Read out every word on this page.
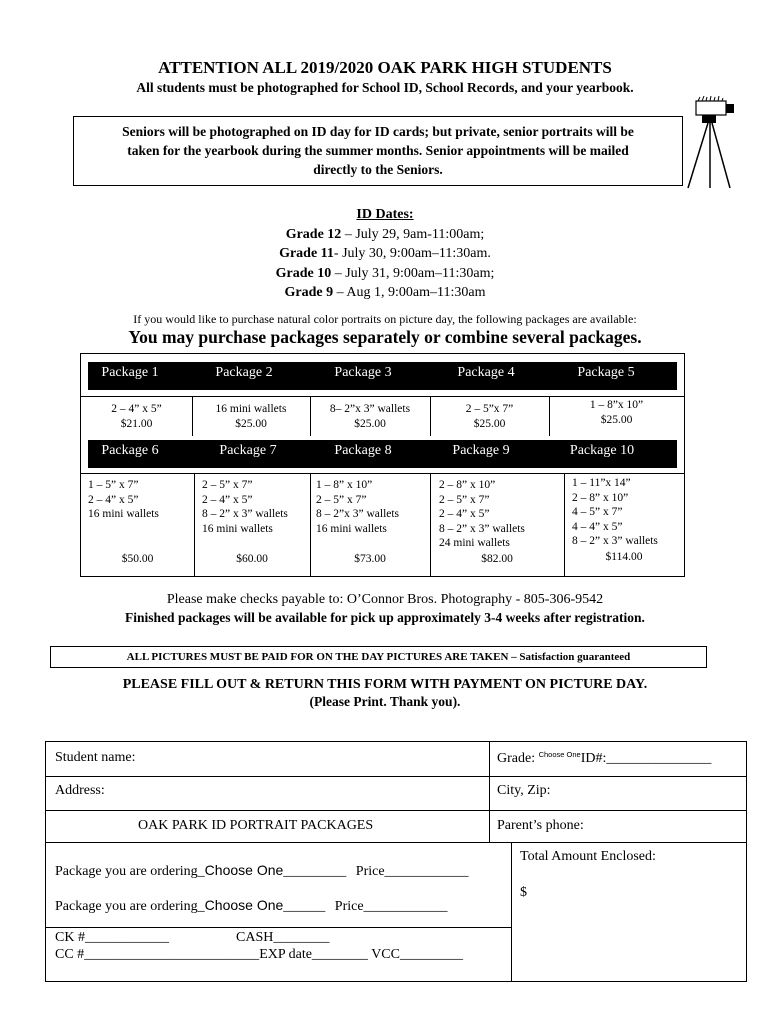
ATTENTION ALL 2019/2020 OAK PARK HIGH STUDENTS
All students must be photographed for School ID, School Records, and your yearbook.
Seniors will be photographed on ID day for ID cards; but private, senior portraits will be
taken for the yearbook during the summer months. Senior appointments will be mailed
directly to the Seniors.
ID Dates:
Grade 12 – July 29, 9am-11:00am;
Grade 11- July 30, 9:00am–11:30am.
Grade 10 – July 31, 9:00am–11:30am;
Grade 9 – Aug 1, 9:00am–11:30am
If you would like to purchase natural color portraits on picture day, the following packages are available:
You may purchase packages separately or combine several packages.
Package 1	Package 2	Package 3	Package 4	Package 5
2 – 4” x 5”
$21.00
16 mini wallets
$25.00
8– 2”x 3” wallets
$25.00
2 – 5”x 7”
$25.00
1 – 8”x 10”
$25.00
Package 6	Package 7	Package 8	Package 9	Package 10
1 – 5” x 7”
2 – 4” x 5”
16 mini wallets
$50.00
2 – 5” x 7”
2 – 4” x 5”
8 – 2” x 3” wallets
16 mini wallets
$60.00
1 – 8” x 10”
2 – 5” x 7”
8 – 2”x 3” wallets
16 mini wallets
$73.00
2 – 8” x 10”
2 – 5” x 7”
2 – 4” x 5”
8 – 2” x 3” wallets
24 mini wallets
$82.00
1 – 11”x 14”
2 – 8” x 10”
4 – 5” x 7”
4 – 4” x 5”
8 – 2” x 3” wallets
$114.00
Please make checks payable to: O’Connor Bros. Photography - 805-306-9542
Finished packages will be available for pick up approximately 3-4 weeks after registration.
ALL PICTURES MUST BE PAID FOR ON THE DAY PICTURES ARE TAKEN – Satisfaction guaranteed
PLEASE FILL OUT & RETURN THIS FORM WITH PAYMENT ON PICTURE DAY.
(Please Print. Thank you).
Student name:	Grade: $^{Choose One}$ID#:_______________
Address:	City, Zip:
OAK PARK ID PORTRAIT PACKAGES	Parent’s phone:
Total Amount Enclosed:
$
Package you are ordering_Choose One_________ Price____________
Package you are ordering_Choose One______ Price____________
CK #____________	CASH________
CC #_________________________EXP date________ VCC_________
